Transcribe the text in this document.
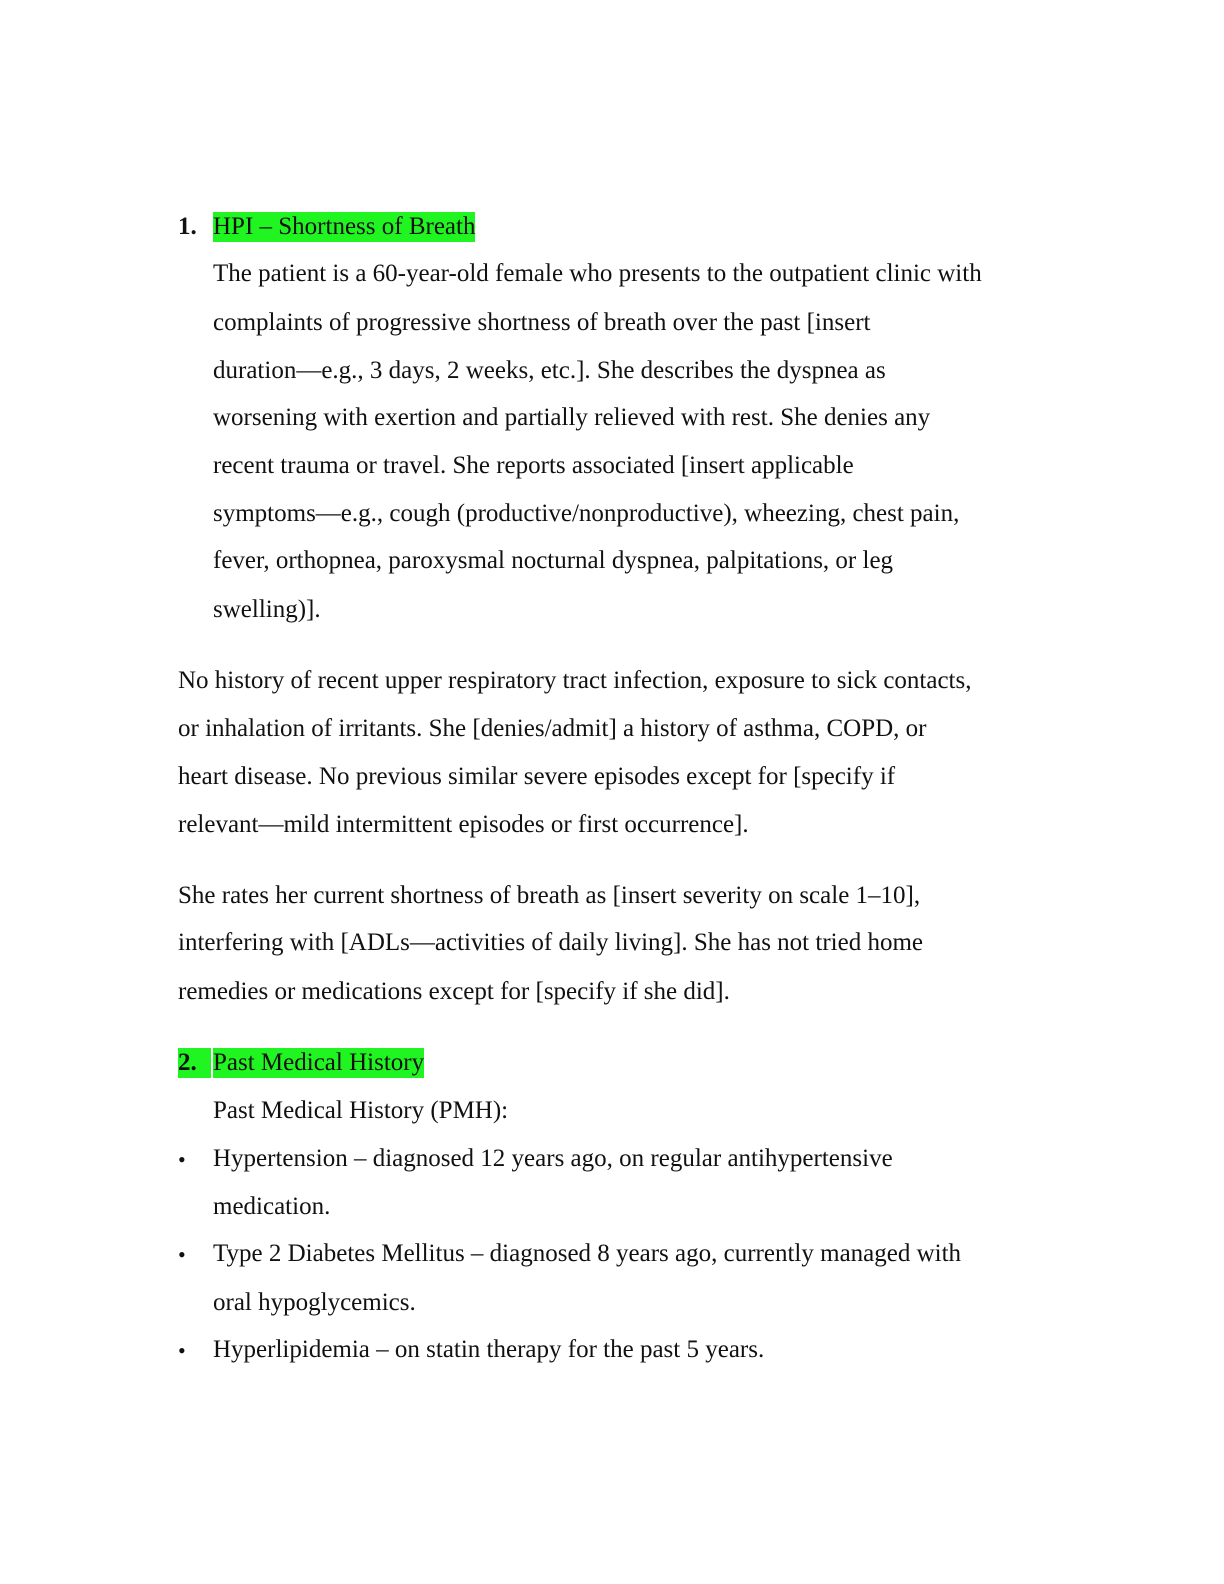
1. HPI – Shortness of Breath
The patient is a 60-year-old female who presents to the outpatient clinic with
complaints of progressive shortness of breath over the past [insert
duration—e.g., 3 days, 2 weeks, etc.]. She describes the dyspnea as
worsening with exertion and partially relieved with rest. She denies any
recent trauma or travel. She reports associated [insert applicable
symptoms—e.g., cough (productive/nonproductive), wheezing, chest pain,
fever, orthopnea, paroxysmal nocturnal dyspnea, palpitations, or leg
swelling)].
No history of recent upper respiratory tract infection, exposure to sick contacts,
or inhalation of irritants. She [denies/admit] a history of asthma, COPD, or
heart disease. No previous similar severe episodes except for [specify if
relevant—mild intermittent episodes or first occurrence].
She rates her current shortness of breath as [insert severity on scale 1–10],
interfering with [ADLs—activities of daily living]. She has not tried home
remedies or medications except for [specify if she did].
2. Past Medical History
Past Medical History (PMH):
• Hypertension – diagnosed 12 years ago, on regular antihypertensive
medication.
• Type 2 Diabetes Mellitus – diagnosed 8 years ago, currently managed with
oral hypoglycemics.
• Hyperlipidemia – on statin therapy for the past 5 years.
